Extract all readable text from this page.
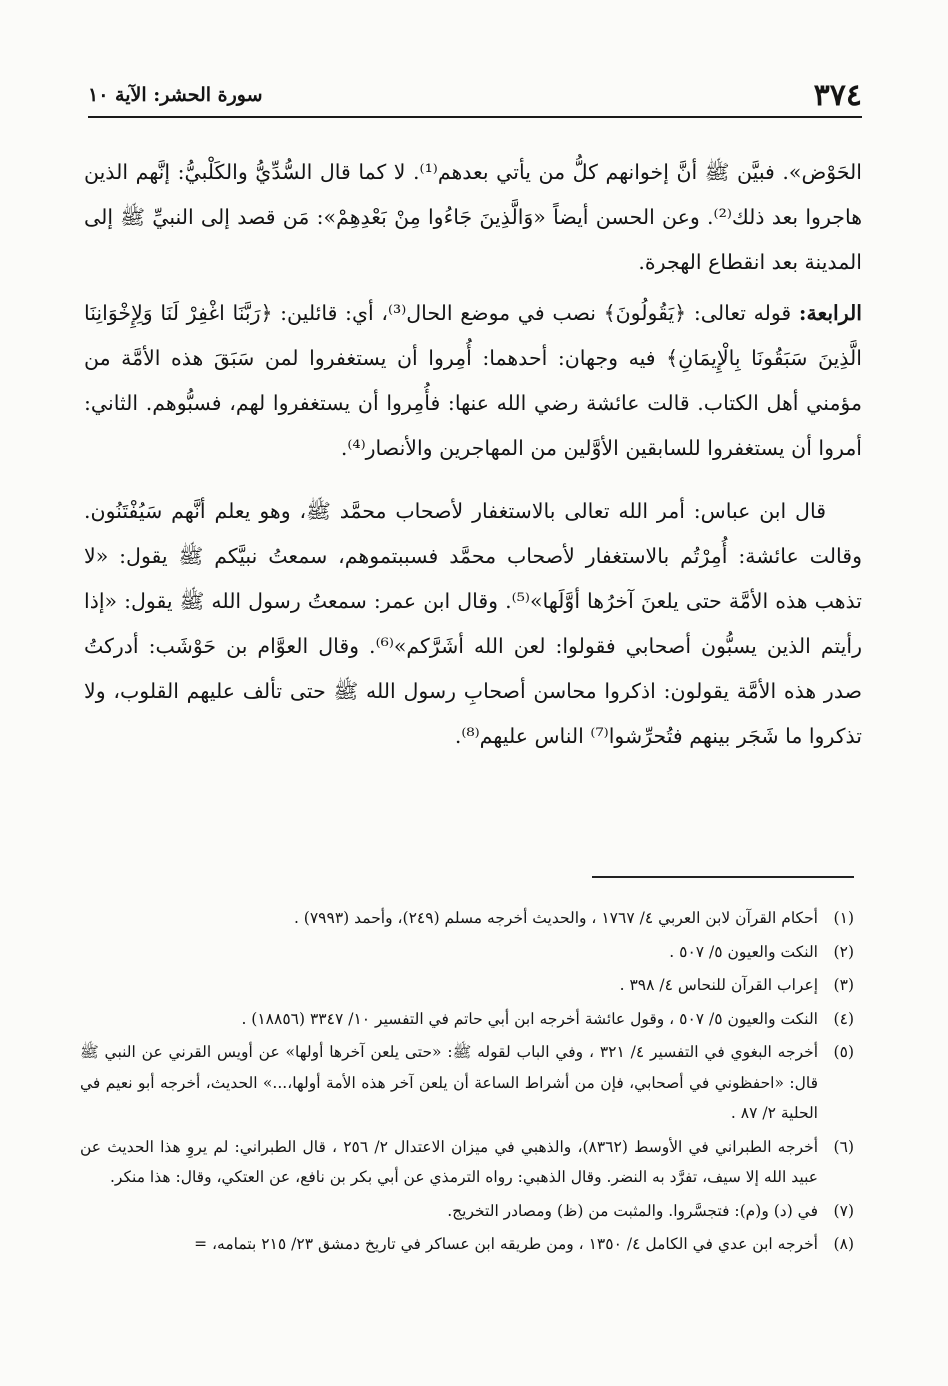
٣٧٤
سورة الحشر: الآية ١٠

الحَوْض». فبيَّن ﷺ أنَّ إخوانهم كلُّ من يأتي بعدهم⁽¹⁾. لا كما قال السُّدِّيُّ والكَلْبيُّ: إنَّهم الذين هاجروا بعد ذلك⁽²⁾. وعن الحسن أيضاً «وَالَّذِينَ جَاءُوا مِنْ بَعْدِهِمْ»: مَن قصد إلى النبيِّ ﷺ إلى المدينة بعد انقطاع الهجرة.

الرابعة: قوله تعالى: ﴿يَقُولُونَ﴾ نصب في موضع الحال⁽³⁾، أي: قائلين: ﴿رَبَّنَا اغْفِرْ لَنَا وَلِإِخْوَانِنَا الَّذِينَ سَبَقُونَا بِالْإِيمَانِ﴾ فيه وجهان: أحدهما: أُمِروا أن يستغفروا لمن سَبَقَ هذه الأمَّة من مؤمني أهل الكتاب. قالت عائشة رضي الله عنها: فأُمِروا أن يستغفروا لهم، فسبُّوهم. الثاني: أمروا أن يستغفروا للسابقين الأوَّلين من المهاجرين والأنصار⁽⁴⁾.

قال ابن عباس: أمر الله تعالى بالاستغفار لأصحاب محمَّد ﷺ، وهو يعلم أنَّهم سَيُفْتَنُون. وقالت عائشة: أُمِرْتُم بالاستغفار لأصحاب محمَّد فسببتموهم، سمعتُ نبيَّكم ﷺ يقول: «لا تذهب هذه الأمَّة حتى يلعنَ آخرُها أوَّلَها»⁽⁵⁾. وقال ابن عمر: سمعتُ رسول الله ﷺ يقول: «إذا رأيتم الذين يسبُّون أصحابي فقولوا: لعن الله أشَرَّكم»⁽⁶⁾. وقال العوَّام بن حَوْشَب: أدركتُ صدر هذه الأمَّة يقولون: اذكروا محاسن أصحابِ رسول الله ﷺ حتى تألف عليهم القلوب، ولا تذكروا ما شَجَر بينهم فتُحرِّشوا⁽⁷⁾ الناس عليهم⁽⁸⁾.

(١)
أحكام القرآن لابن العربي ٤/ ١٧٦٧ ، والحديث أخرجه مسلم (٢٤٩)، وأحمد (٧٩٩٣) .
(٢)
النكت والعيون ٥/ ٥٠٧ .
(٣)
إعراب القرآن للنحاس ٤/ ٣٩٨ .
(٤)
النكت والعيون ٥/ ٥٠٧ ، وقول عائشة أخرجه ابن أبي حاتم في التفسير ١٠/ ٣٣٤٧ (١٨٨٥٦) .
(٥)
أخرجه البغوي في التفسير ٤/ ٣٢١ ، وفي الباب لقوله ﷺ: «حتى يلعن آخرها أولها» عن أويس القرني عن النبي ﷺ قال: «احفظوني في أصحابي، فإن من أشراط الساعة أن يلعن آخر هذه الأمة أولها،...» الحديث، أخرجه أبو نعيم في الحلية ٢/ ٨٧ .
(٦)
أخرجه الطبراني في الأوسط (٨٣٦٢)، والذهبي في ميزان الاعتدال ٢/ ٢٥٦ ، قال الطبراني: لم يروِ هذا الحديث عن عبيد الله إلا سيف، تفرَّد به النضر. وقال الذهبي: رواه الترمذي عن أبي بكر بن نافع، عن العتكي، وقال: هذا منكر.
(٧)
في (د) و(م): فتجسَّروا. والمثبت من (ظ) ومصادر التخريج.
(٨)
أخرجه ابن عدي في الكامل ٤/ ١٣٥٠ ، ومن طريقه ابن عساكر في تاريخ دمشق ٢٣/ ٢١٥ بتمامه، =
